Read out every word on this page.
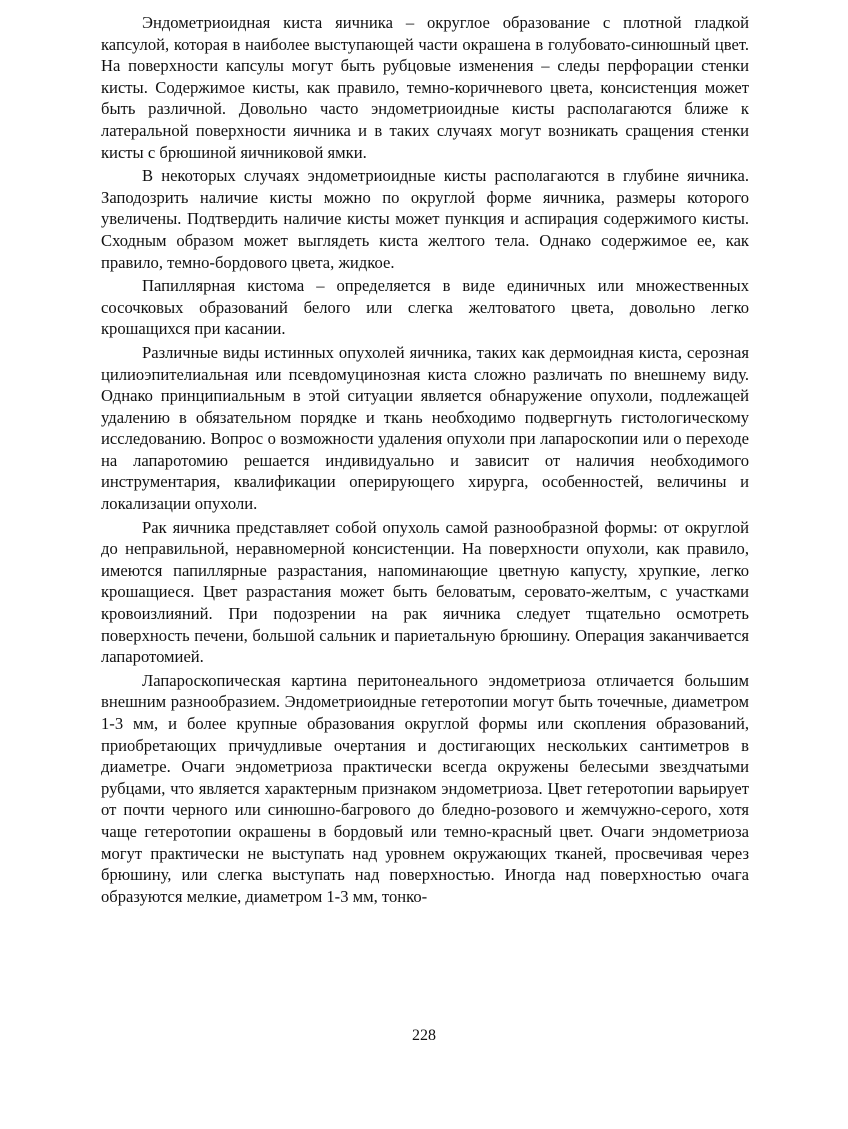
Эндометриоидная киста яичника – округлое образование с плотной гладкой капсулой, которая в наиболее выступающей части окрашена в голубовато-синюшный цвет. На поверхности капсулы могут быть рубцовые изменения – следы перфорации стенки кисты. Содержимое кисты, как правило, темно-коричневого цвета, консистенция может быть различной. Довольно часто эндометриоидные кисты располагаются ближе к латеральной поверхности яичника и в таких случаях могут возникать сращения стенки кисты с брюшиной яичниковой ямки.

В некоторых случаях эндометриоидные кисты располагаются в глубине яичника. Заподозрить наличие кисты можно по округлой форме яичника, размеры которого увеличены. Подтвердить наличие кисты может пункция и аспирация содержимого кисты. Сходным образом может выглядеть киста желтого тела. Однако содержимое ее, как правило, темно-бордового цвета, жидкое.

Папиллярная кистома – определяется в виде единичных или множественных сосочковых образований белого или слегка желтоватого цвета, довольно легко крошащихся при касании.

Различные виды истинных опухолей яичника, таких как дермоидная киста, серозная цилиоэпителиальная или псевдомуцинозная киста сложно различать по внешнему виду. Однако принципиальным в этой ситуации является обнаружение опухоли, подлежащей удалению в обязательном порядке и ткань необходимо подвергнуть гистологическому исследованию. Вопрос о возможности удаления опухоли при лапароскопии или о переходе на лапаротомию решается индивидуально и зависит от наличия необходимого инструментария, квалификации оперирующего хирурга, особенностей, величины и локализации опухоли.

Рак яичника представляет собой опухоль самой разнообразной формы: от округлой до неправильной, неравномерной консистенции. На поверхности опухоли, как правило, имеются папиллярные разрастания, напоминающие цветную капусту, хрупкие, легко крошащиеся. Цвет разрастания может быть беловатым, серовато-желтым, с участками кровоизлияний. При подозрении на рак яичника следует тщательно осмотреть поверхность печени, большой сальник и париетальную брюшину. Операция заканчивается лапаротомией.

Лапароскопическая картина перитонеального эндометриоза отличается большим внешним разнообразием. Эндометриоидные гетеротопии могут быть точечные, диаметром 1-3 мм, и более крупные образования округлой формы или скопления образований, приобретающих причудливые очертания и достигающих нескольких сантиметров в диаметре. Очаги эндометриоза практически всегда окружены белесыми звездчатыми рубцами, что является характерным признаком эндометриоза. Цвет гетеротопии варьирует от почти черного или синюшно-багрового до бледно-розового и жемчужно-серого, хотя чаще гетеротопии окрашены в бордовый или темно-красный цвет. Очаги эндометриоза могут практически не выступать над уровнем окружающих тканей, просвечивая через брюшину, или слегка выступать над поверхностью. Иногда над поверхностью очага образуются мелкие, диаметром 1-3 мм, тонко-

228
